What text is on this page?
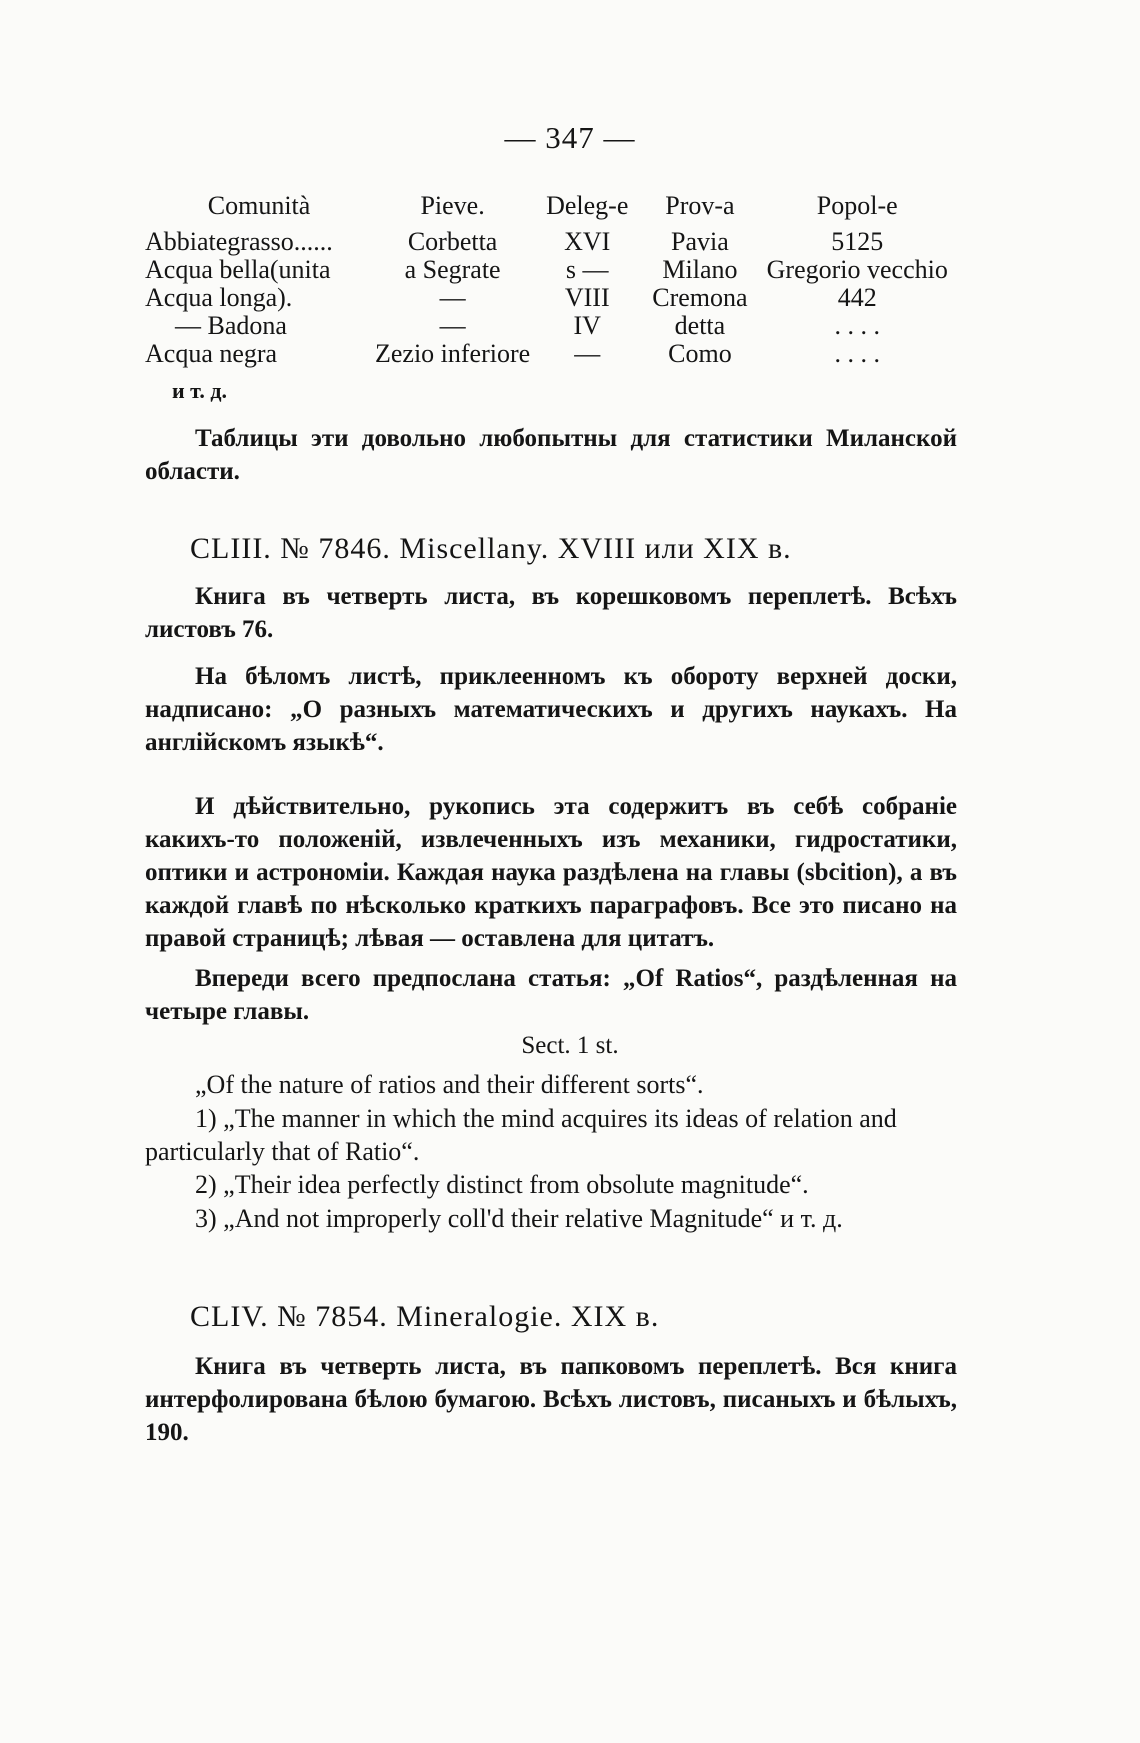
— 347 —
Comunità	Pieve.	Deleg-e	Prov-a	Popol-e
Abbiategrasso......	Corbetta	XVI	Pavia	5125
Acqua bella(unita	a Segrate	s —	Milano	Gregorio vecchio
Acqua longa).	—	VIII	Cremona	442
— Badona	—	IV	detta	. . . .
Acqua negra	Zezio inferiore	—	Como	. . . .
и т. д.
Таблицы эти довольно любопытны для статистики Миланской области.
CLIII. № 7846. Miscellany. XVIII или XIX в.
Книга въ четверть листа, въ корешковомъ переплетѣ. Всѣхъ листовъ 76.
На бѣломъ листѣ, приклеенномъ къ обороту верхней доски, надписано: „О разныхъ математическихъ и другихъ наукахъ. На англійскомъ языкѣ“.
И дѣйствительно, рукопись эта содержитъ въ себѣ собраніе какихъ-то положеній, извлеченныхъ изъ механики, гидростатики, оптики и астрономіи. Каждая наука раздѣлена на главы (sbcition), а въ каждой главѣ по нѣсколько краткихъ параграфовъ. Все это писано на правой страницѣ; лѣвая — оставлена для цитатъ.
Впереди всего предпослана статья: „Of Ratios“, раздѣленная на четыре главы.
Sect. 1 st.
„Of the nature of ratios and their different sorts“.
1) „The manner in which the mind acquires its ideas of relation and particularly that of Ratio“.
2) „Their idea perfectly distinct from obsolute magnitude“.
3) „And not improperly coll'd their relative Magnitude“ и т. д.
CLIV. № 7854. Mineralogie. XIX в.
Книга въ четверть листа, въ папковомъ переплетѣ. Вся книга интерфолирована бѣлою бумагою. Всѣхъ листовъ, писаныхъ и бѣлыхъ, 190.
